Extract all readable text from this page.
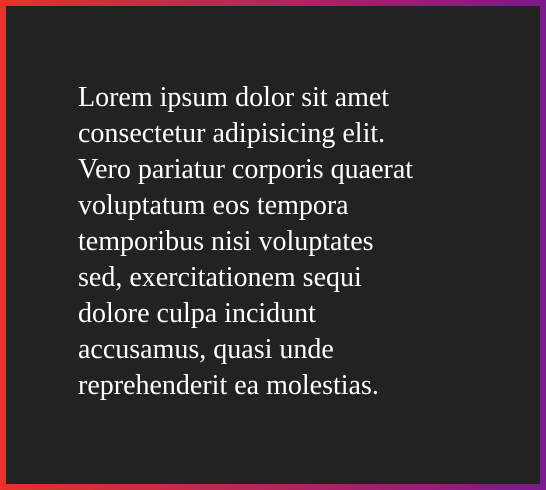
Lorem ipsum dolor sit amet
consectetur adipisicing elit.
Vero pariatur corporis quaerat
voluptatum eos tempora
temporibus nisi voluptates
sed, exercitationem sequi
dolore culpa incidunt
accusamus, quasi unde
reprehenderit ea molestias.
